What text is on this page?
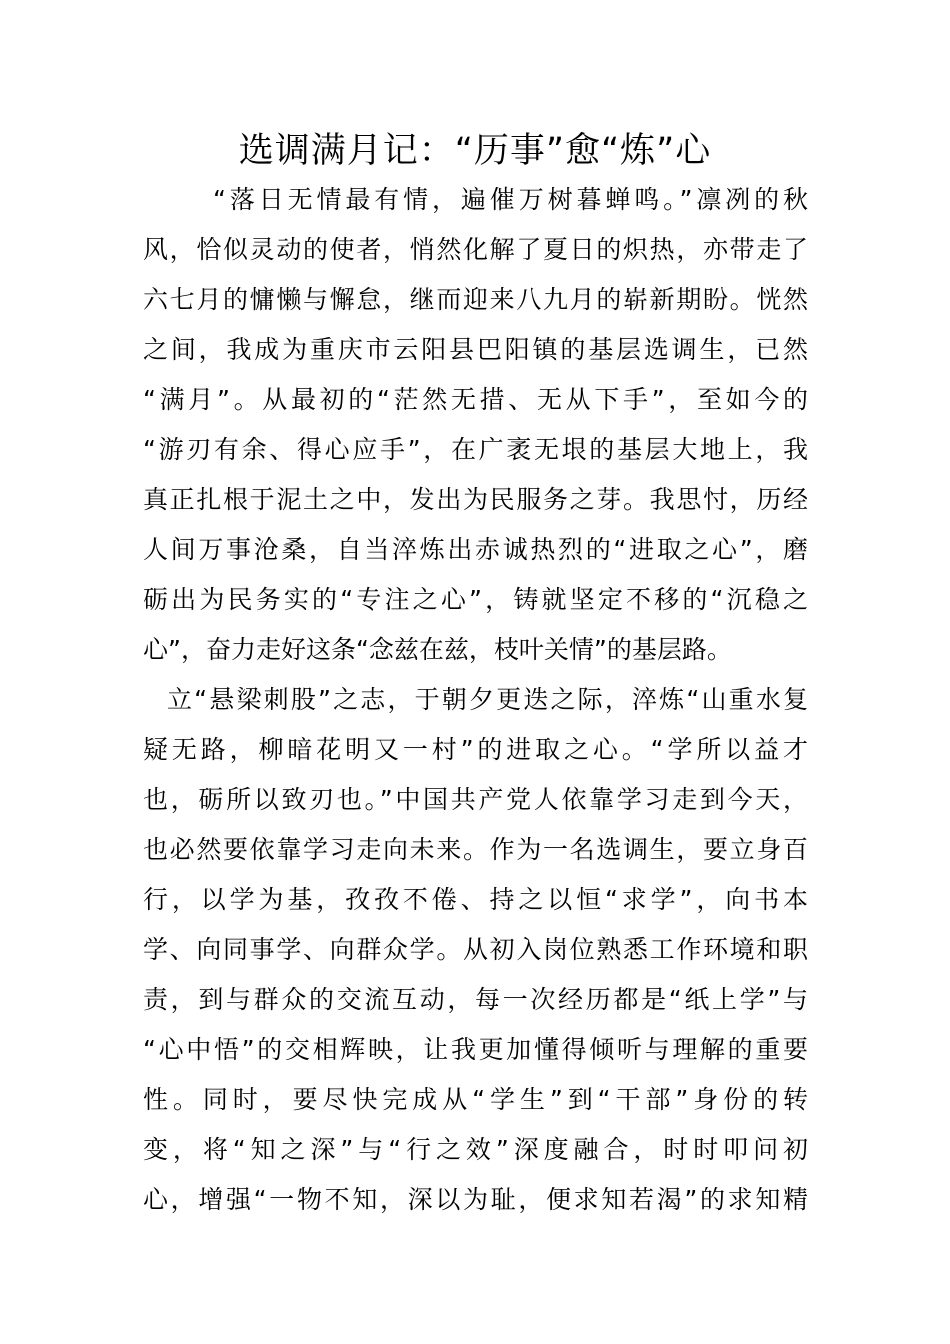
选调满月记：“历事”愈“炼”心
“落日无情最有情，遍催万树暮蝉鸣。”凛冽的秋
风，恰似灵动的使者，悄然化解了夏日的炽热，亦带走了
六七月的慵懒与懈怠，继而迎来八九月的崭新期盼。恍然
之间，我成为重庆市云阳县巴阳镇的基层选调生，已然
“满月”。从最初的“茫然无措、无从下手”，至如今的
“游刃有余、得心应手”，在广袤无垠的基层大地上，我
真正扎根于泥土之中，发出为民服务之芽。我思忖，历经
人间万事沧桑，自当淬炼出赤诚热烈的“进取之心”，磨
砺出为民务实的“专注之心”，铸就坚定不移的“沉稳之
心”，奋力走好这条“念兹在兹，枝叶关情”的基层路。
立“悬梁刺股”之志，于朝夕更迭之际，淬炼“山重水复
疑无路，柳暗花明又一村”的进取之心。“学所以益才
也，砺所以致刃也。”中国共产党人依靠学习走到今天，
也必然要依靠学习走向未来。作为一名选调生，要立身百
行，以学为基，孜孜不倦、持之以恒“求学”，向书本
学、向同事学、向群众学。从初入岗位熟悉工作环境和职
责，到与群众的交流互动，每一次经历都是“纸上学”与
“心中悟”的交相辉映，让我更加懂得倾听与理解的重要
性。同时，要尽快完成从“学生”到“干部”身份的转
变，将“知之深”与“行之效”深度融合，时时叩问初
心，增强“一物不知，深以为耻，便求知若渴”的求知精
